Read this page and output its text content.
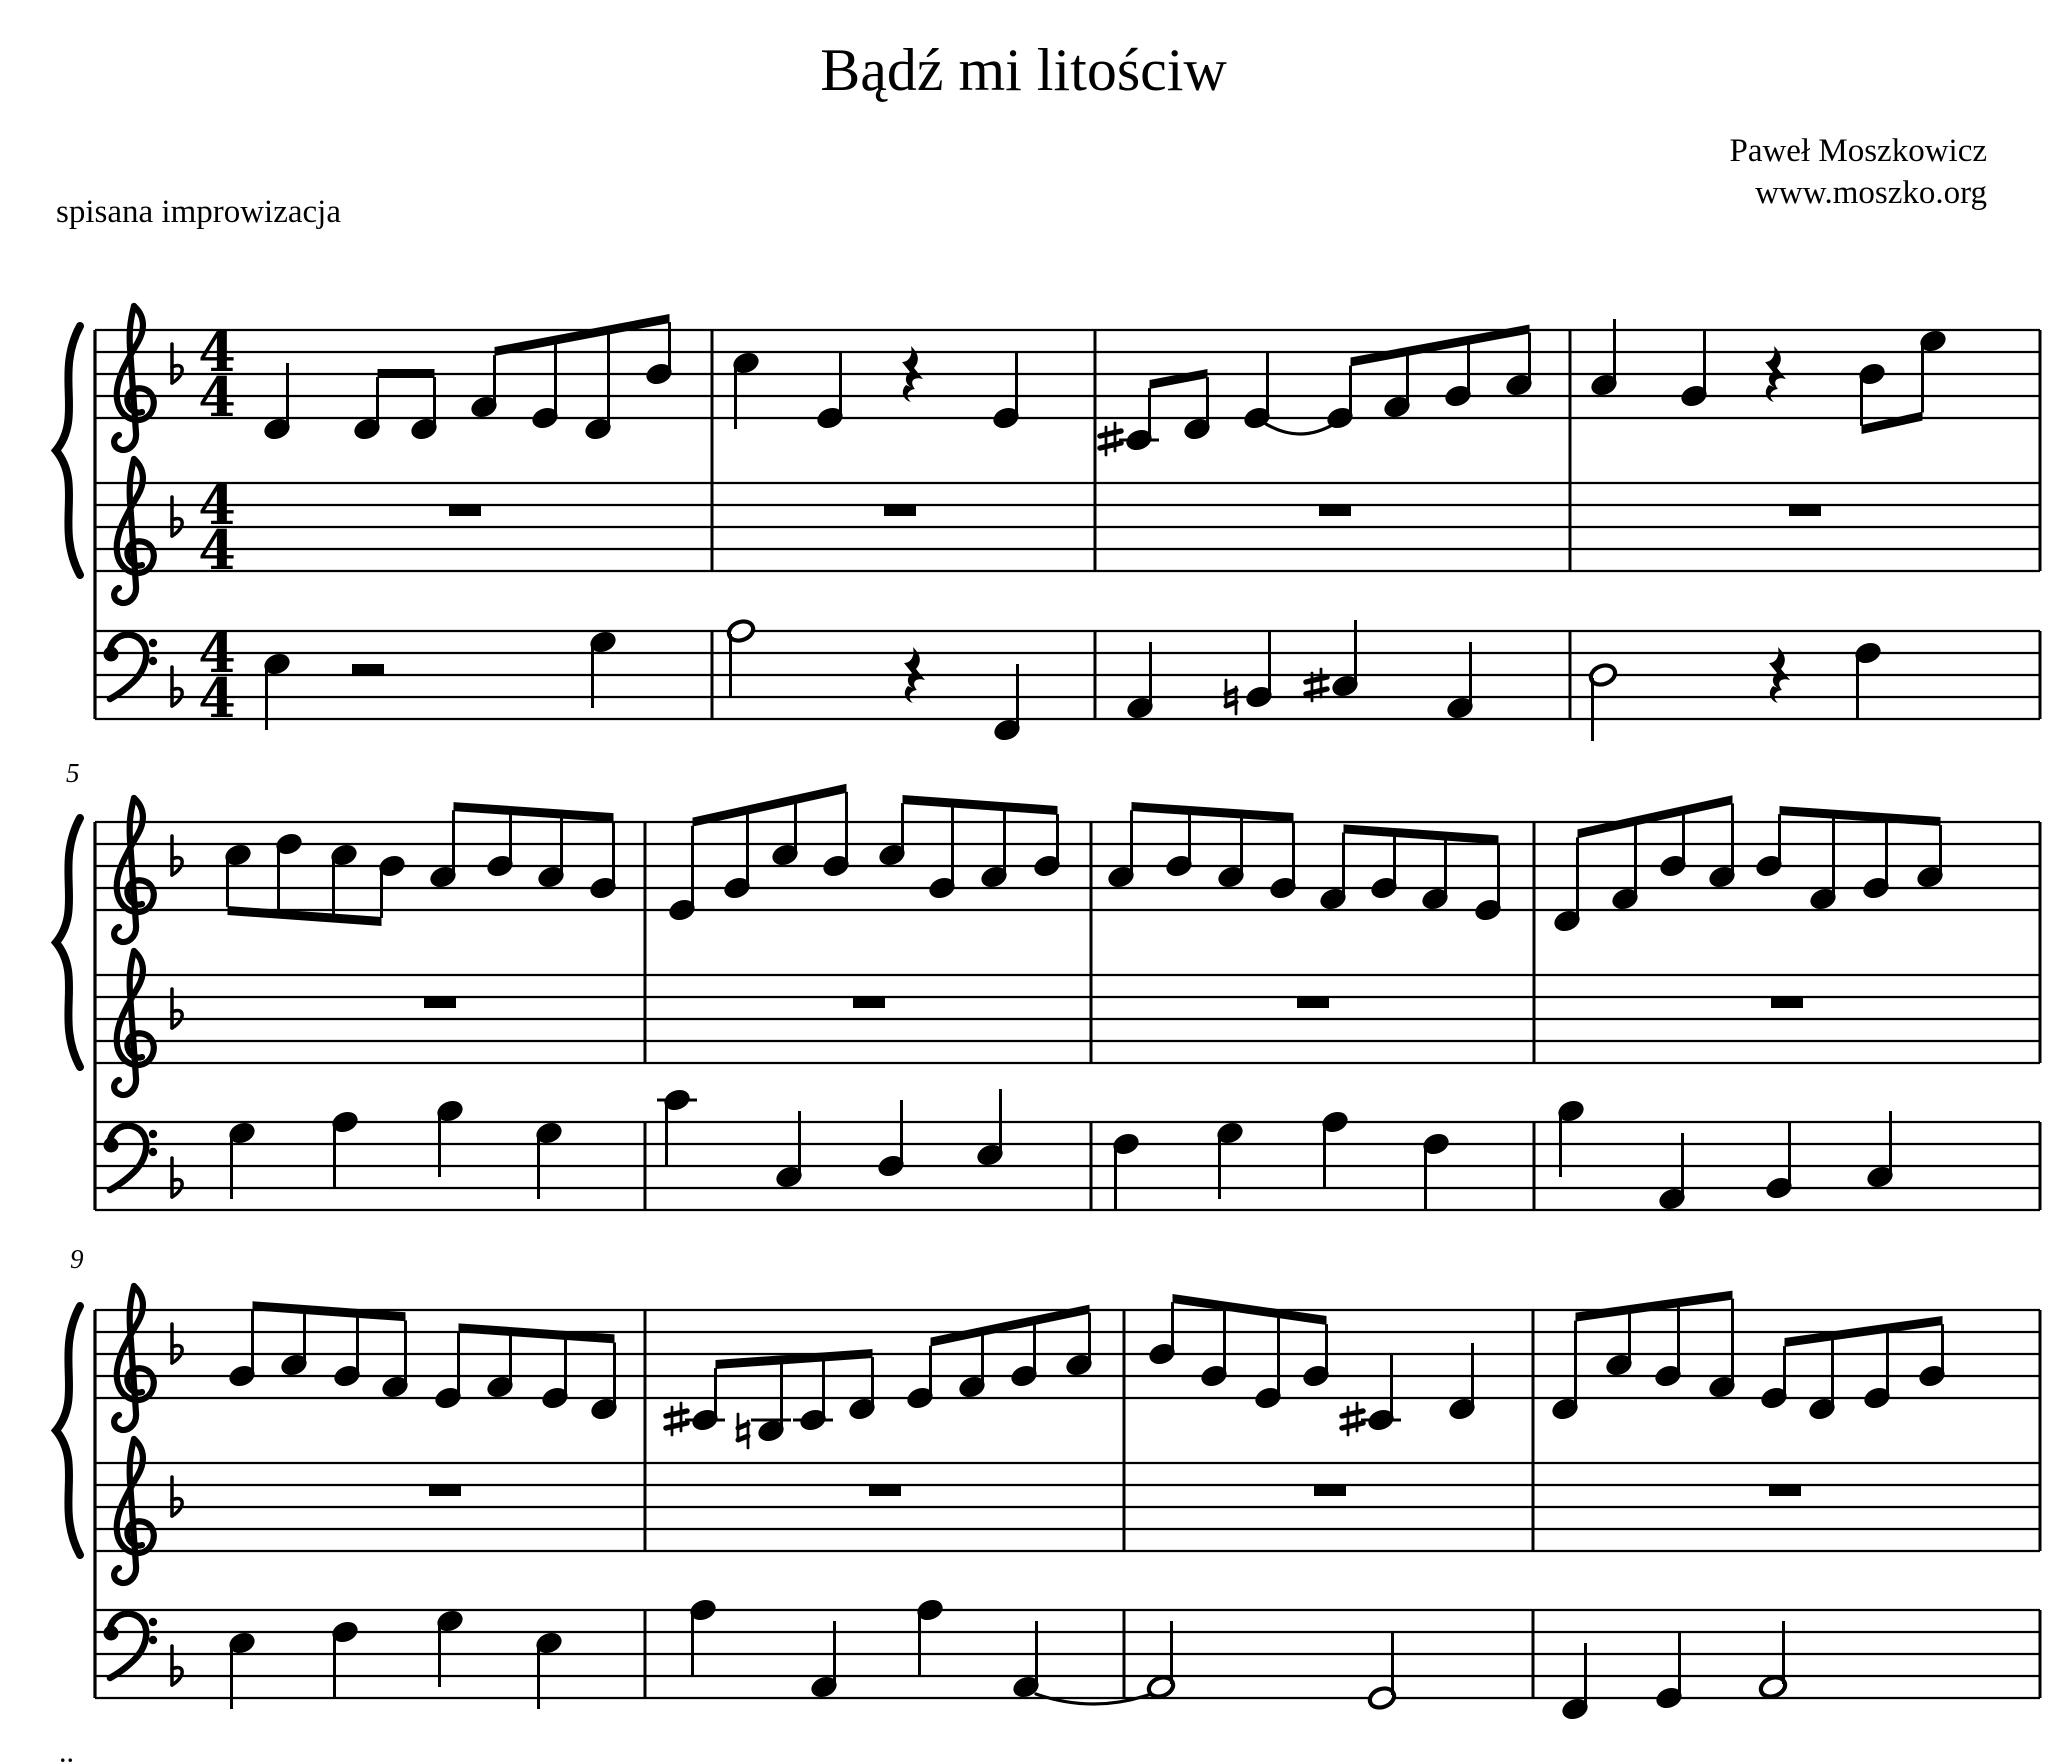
4
4
4
4
4
4
Bądź mi litościw
Paweł Moszkowicz
www.moszko.org
spisana improwizacja
5
9
..
